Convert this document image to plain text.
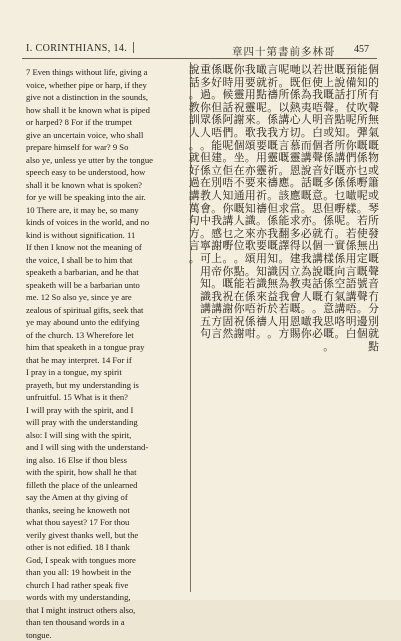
I. CORINTHIANS, 14.	章四十第書前多林哥 457
7 Even things without life, giving a
voice, whether pipe or harp, if they
give not a distinction in the sounds,
how shall it be known what is piped
or harped? 8 For if the trumpet
give an uncertain voice, who shall
prepare himself for war? 9 So
also ye, unless ye utter by the tongue
speech easy to be understood, how
shall it be known what is spoken?
for ye will be speaking into the air.
10 There are, it may be, so many
kinds of voices in the world, and no
kind is without signification. 11
If then I know not the meaning of
the voice, I shall be to him that
speaketh a barbarian, and he that
speaketh will be a barbarian unto
me. 12 So also ye, since ye are
zealous of spiritual gifts, seek that
ye may abound unto the edifying
of the church. 13 Wherefore let
him that speaketh in a tongue pray
that he may interpret. 14 For if
I pray in a tongue, my spirit
prayeth, but my understanding is
unfruitful. 15 What is it then?
I will pray with the spirit, and I
will pray with the understanding
also: I will sing with the spirit,
and I will sing with the understand-
ing also. 16 Else if thou bless
with the spirit, how shall he that
filleth the place of the unlearned
say the Amen at thy giving of
thanks, seeing he knoweth not
what thou sayest? 17 For thou
verily givest thanks well, but the
other is not edified. 18 I thank
God, I speak with tongues more
than you all: 19 howbeit in the
church I had rather speak five
words with my understanding,
that I might instruct others also,
than ten thousand words in a
tongue.
個
的
有
聲
無
氣
嘅
物
或
簫
或
琴
所
發
出
嘅
聲
音
冇
分
別
就
點
能
知
所
吹
所
彈
嘅
係
乜
嘢
呢
。
若
使
無
定
嘅
號
聲
。
邊
個
預
備
打
仗
呢
。
你
們
亦
係
噉
樣
。
若
係
用
言
語
講
唔
明
白
嘅
說
話
。
點
知
所
講
嘅
係
乜
嘢
呢
。
實
係
向
空
氣
講
咯
。
世
上
嘅
聲
音
或
者
係
好
多
。
但
係
冇
一
樣
嘅
係
冇
意
思
嘅
。
若
使
我
唔
明
白
個
聲
音
嘅
意
思
。
就
個
講
說
話
嘅
。
我
必
以
佢
為
夷
人
。
而
講
說
話
嘅
。
亦
必
以
我
為
夷
人
。
噉
你
哋
既
係
熱
心
切
慕
靈
恩
。
應
當
求
多
得
建
立
教
會
嘅
恩
賜
呢
。
所
以
講
方
言
嘅
。
應
該
求
能
翻
譯
。
因
為
我
若
用
方
言
祈
禱
。
係
我
嘅
靈
祈
禱
。
但
係
我
嘅
知
識
無
益
於
人
。
噉
就
點
呢
。
我
要
用
靈
來
祈
禱
。
亦
要
用
知
識
來
祈
禱
。
我
要
用
靈
來
歌
頌
。
亦
要
用
知
識
來
歌
頌
。
若
係
唔
係
咁
你
用
靈
祝
謝
。
個
坐
在
不
通
嘅
人
之
位
。
點
能
在
你
祝
謝
嘅
時
候
話
阿
們
呢
。
佢
唔
知
你
講
乜
嘢
。
你
嘅
祝
謝
固
然
係
好
。
但
係
唔
能
建
立
別
人
。
我
感
謝
上
帝
。
我
講
方
言
重
多
過
你
眾
人
。
但
係
在
教
會
中
。
寧
可
用
知
識
講
五
句
說
話
。
教
訓
人
。
就
好
過
講
萬
句
方
言
。
